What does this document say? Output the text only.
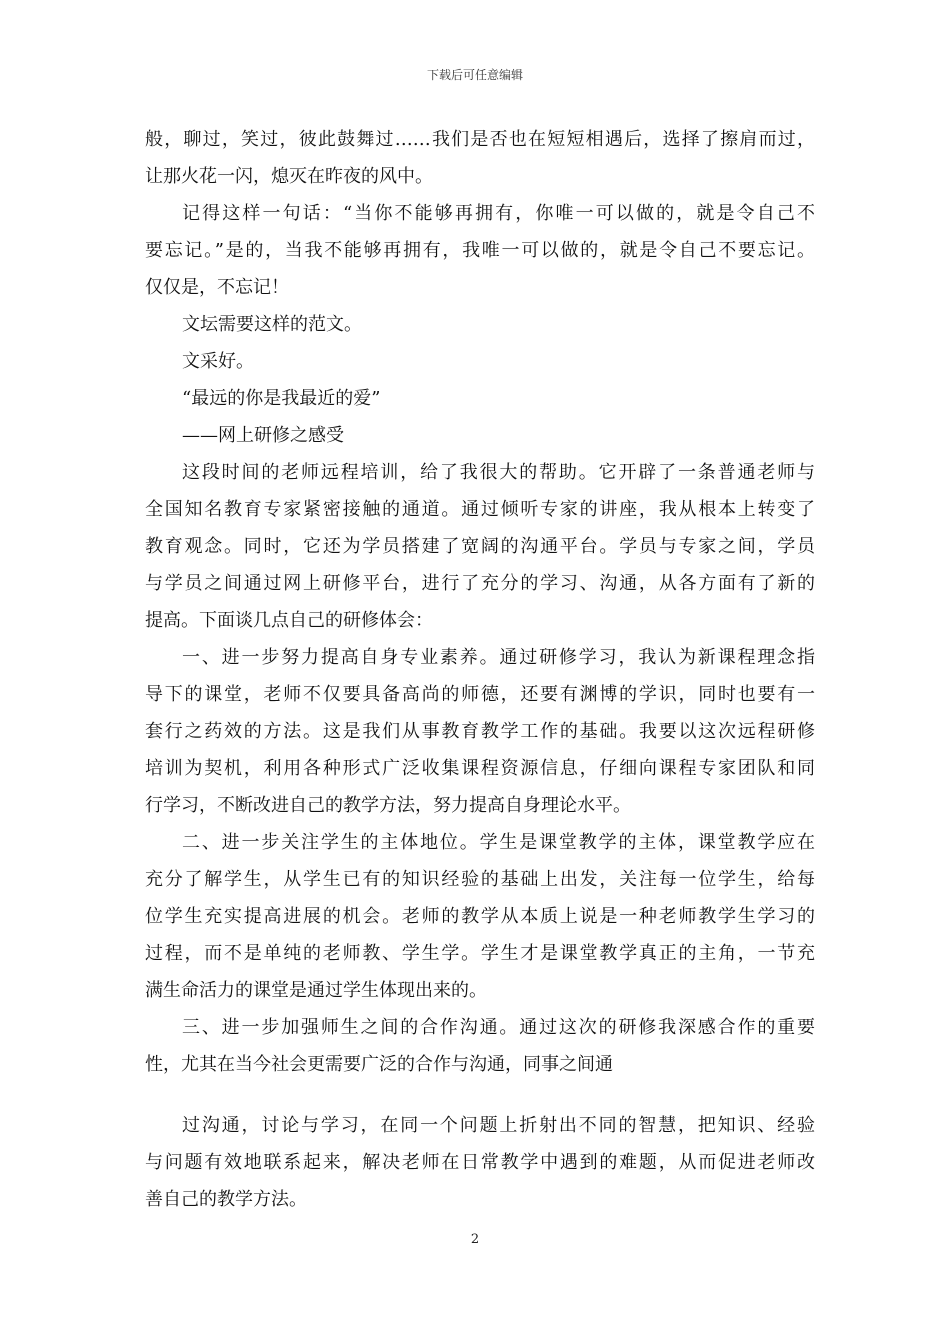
下载后可任意编辑
般，聊过，笑过，彼此鼓舞过……我们是否也在短短相遇后，选择了擦肩而过，
让那火花一闪，熄灭在昨夜的风中。
记得这样一句话：“当你不能够再拥有，你唯一可以做的，就是令自己不
要忘记。”是的，当我不能够再拥有，我唯一可以做的，就是令自己不要忘记。
仅仅是，不忘记！
文坛需要这样的范文。
文采好。
“最远的你是我最近的爱”
——网上研修之感受
这段时间的老师远程培训，给了我很大的帮助。它开辟了一条普通老师与
全国知名教育专家紧密接触的通道。通过倾听专家的讲座，我从根本上转变了
教育观念。同时，它还为学员搭建了宽阔的沟通平台。学员与专家之间，学员
与学员之间通过网上研修平台，进行了充分的学习、沟通，从各方面有了新的
提高。下面谈几点自己的研修体会：
一、进一步努力提高自身专业素养。通过研修学习，我认为新课程理念指
导下的课堂，老师不仅要具备高尚的师德，还要有渊博的学识，同时也要有一
套行之药效的方法。这是我们从事教育教学工作的基础。我要以这次远程研修
培训为契机，利用各种形式广泛收集课程资源信息，仔细向课程专家团队和同
行学习，不断改进自己的教学方法，努力提高自身理论水平。
二、进一步关注学生的主体地位。学生是课堂教学的主体，课堂教学应在
充分了解学生，从学生已有的知识经验的基础上出发，关注每一位学生，给每
位学生充实提高进展的机会。老师的教学从本质上说是一种老师教学生学习的
过程，而不是单纯的老师教、学生学。学生才是课堂教学真正的主角，一节充
满生命活力的课堂是通过学生体现出来的。
三、进一步加强师生之间的合作沟通。通过这次的研修我深感合作的重要
性，尤其在当今社会更需要广泛的合作与沟通，同事之间通
过沟通，讨论与学习，在同一个问题上折射出不同的智慧，把知识、经验
与问题有效地联系起来，解决老师在日常教学中遇到的难题，从而促进老师改
善自己的教学方法。
2
